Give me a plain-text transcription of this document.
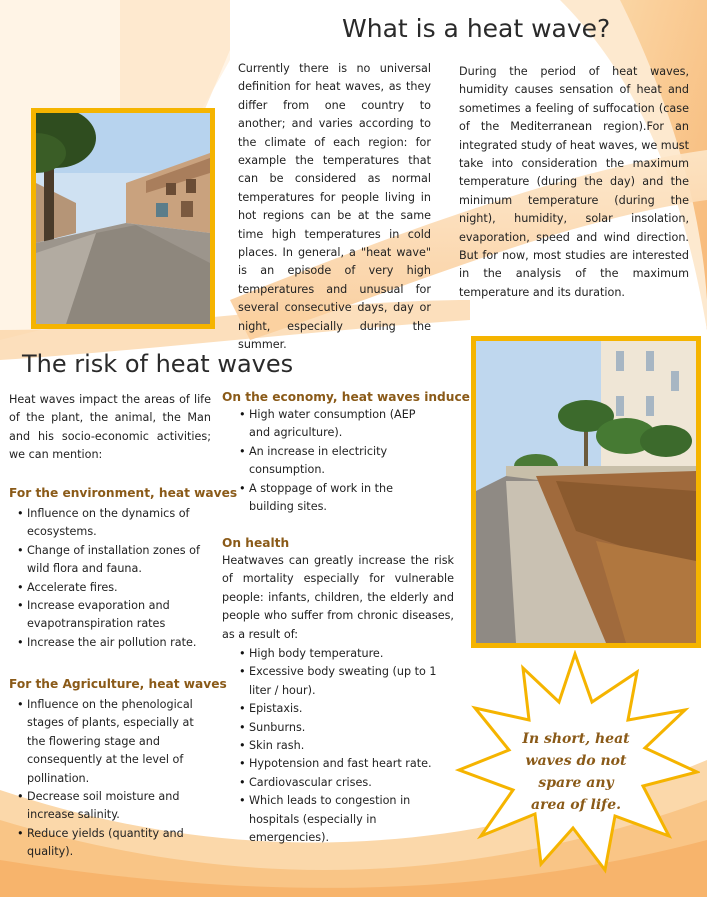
What is a heat wave?

Currently there is no universal definition for heat waves, as they differ from one country to another; and varies according to the climate of each region: for example the temperatures that can be considered as normal temperatures for people living in hot regions can be at the same time high temperatures in cold places. In general, a "heat wave" is an episode of very high temperatures and unusual for several consecutive days, day or night, especially during the summer.

During the period of heat waves, humidity causes sensation of heat and sometimes a feeling of suffocation (case of the Mediterranean region).For an integrated study of heat waves, we must take into consideration the maximum temperature (during the day) and the minimum temperature (during the night), humidity, solar insolation, evaporation, speed and wind direction. But for now, most studies are interested in the analysis of the maximum temperature and its duration.

The risk of heat waves

Heat waves impact the areas of life of the plant, the animal, the Man and his socio-economic activities; we can mention:

For the environment, heat waves
• Influence on the dynamics of ecosystems.
• Change of installation zones of wild flora and fauna.
• Accelerate fires.
• Increase evaporation and evapotranspiration rates
• Increase the air pollution rate.
For the Agriculture, heat waves
• Influence on the phenological stages of plants, especially at the flowering stage and consequently at the level of pollination.
• Decrease soil moisture and increase salinity.
• Reduce yields (quantity and quality).
On the economy, heat waves induce
• High water consumption (AEP and agriculture).
• An increase in electricity consumption.
• A stoppage of work in the building sites.
On health

Heatwaves can greatly increase the risk of mortality especially for vulnerable people: infants, children, the elderly and people who suffer from chronic diseases, as a result of:

• High body temperature.
• Excessive body sweating (up to 1 liter / hour).
• Epistaxis.
• Sunburns.
• Skin rash.
• Hypotension and fast heart rate.
• Cardiovascular crises.
• Which leads to congestion in hospitals (especially in emergencies).
In short, heat waves do not spare any area of life.
